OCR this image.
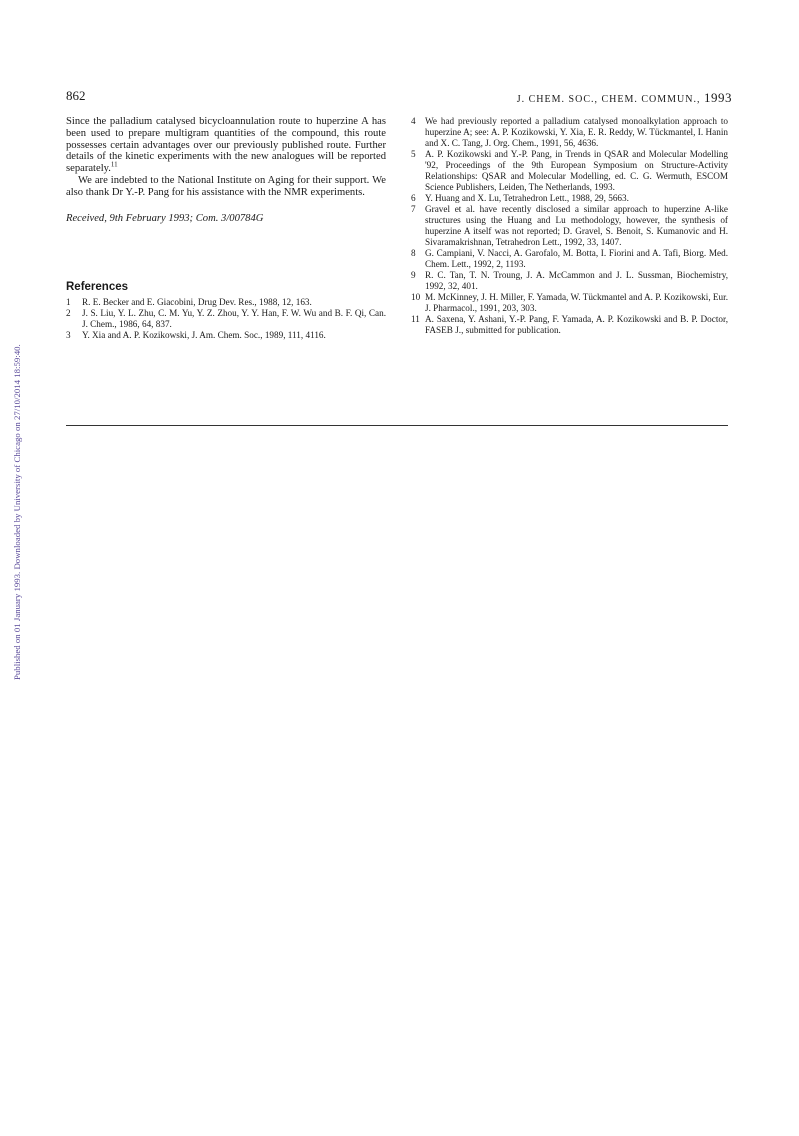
Published on 01 January 1993. Downloaded by University of Chicago on 27/10/2014 18:59:40.
862	J. CHEM. SOC., CHEM. COMMUN., 1993

Since the palladium catalysed bicycloannulation route to huperzine A has been used to prepare multigram quantities of the compound, this route possesses certain advantages over our previously published route. Further details of the kinetic experiments with the new analogues will be reported separately.$^{11}$

We are indebted to the National Institute on Aging for their support. We also thank Dr Y.-P. Pang for his assistance with the NMR experiments.

Received, 9th February 1993; Com. 3/00784G
References
1	R. E. Becker and E. Giacobini, Drug Dev. Res., 1988, 12, 163.
2	J. S. Liu, Y. L. Zhu, C. M. Yu, Y. Z. Zhou, Y. Y. Han, F. W. Wu and B. F. Qi, Can. J. Chem., 1986, 64, 837.
3	Y. Xia and A. P. Kozikowski, J. Am. Chem. Soc., 1989, 111, 4116.
4	We had previously reported a palladium catalysed monoalkylation approach to huperzine A; see: A. P. Kozikowski, Y. Xia, E. R. Reddy, W. Tückmantel, I. Hanin and X. C. Tang, J. Org. Chem., 1991, 56, 4636.
5	A. P. Kozikowski and Y.-P. Pang, in Trends in QSAR and Molecular Modelling '92, Proceedings of the 9th European Symposium on Structure-Activity Relationships: QSAR and Molecular Modelling, ed. C. G. Wermuth, ESCOM Science Publishers, Leiden, The Netherlands, 1993.
6	Y. Huang and X. Lu, Tetrahedron Lett., 1988, 29, 5663.
7	Gravel et al. have recently disclosed a similar approach to huperzine A-like structures using the Huang and Lu methodology, however, the synthesis of huperzine A itself was not reported; D. Gravel, S. Benoit, S. Kumanovic and H. Sivaramakrishnan, Tetrahedron Lett., 1992, 33, 1407.
8	G. Campiani, V. Nacci, A. Garofalo, M. Botta, I. Fiorini and A. Tafi, Biorg. Med. Chem. Lett., 1992, 2, 1193.
9	R. C. Tan, T. N. Troung, J. A. McCammon and J. L. Sussman, Biochemistry, 1992, 32, 401.
10 M. McKinney, J. H. Miller, F. Yamada, W. Tückmantel and A. P. Kozikowski, Eur. J. Pharmacol., 1991, 203, 303.
11 A. Saxena, Y. Ashani, Y.-P. Pang, F. Yamada, A. P. Kozikowski and B. P. Doctor, FASEB J., submitted for publication.
